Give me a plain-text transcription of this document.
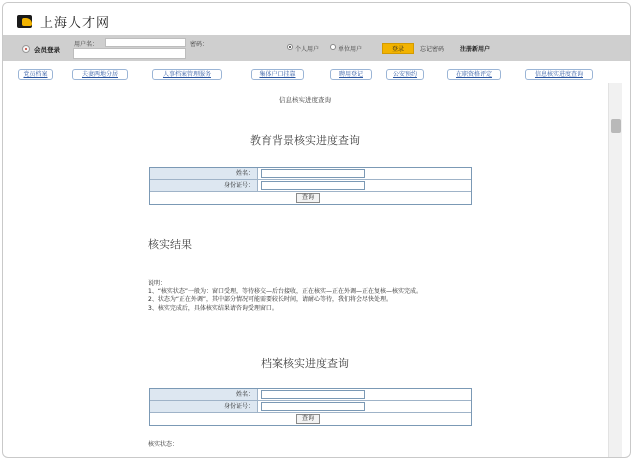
上海人才网
会员登录
用户名：	密码：
个人用户	单位用户	登录	忘记密码	注册新用户
党员档案	夫妻两地分居	人事档案管理服务	集体户口挂靠	聘用登记	公安预约	在职资格评定	信息核实进度查询
信息核实进度查询
教育背景核实进度查询
姓名：
身份证号：
查询
核实结果
说明：
1、“核实状态”一般为：窗口受理，等待移交—后台接收，正在核实—正在外调—正在复核—核实完成。
2、状态为“正在外调”，其中部分情况可能需要较长时间，请耐心等待，我们将会尽快处理。
3、核实完成后，具体核实结果请咨询受理窗口。
档案核实进度查询
姓名：
身份证号：
查询
核实状态：
